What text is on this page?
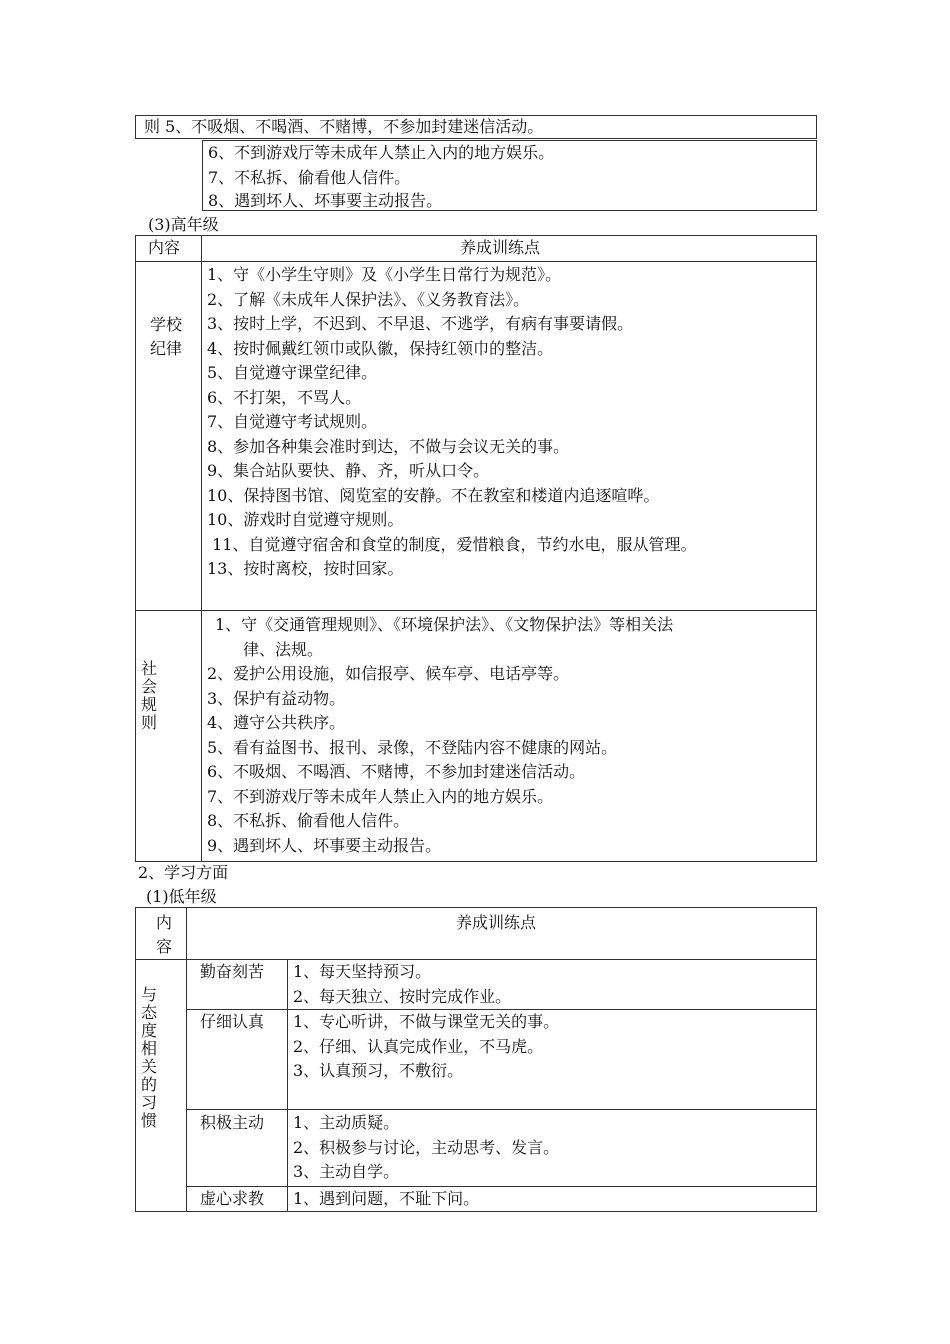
则 5、不吸烟、不喝酒、不赌博，不参加封建迷信活动。
6、不到游戏厅等未成年人禁止入内的地方娱乐。
7、不私拆、偷看他人信件。
8、遇到坏人、坏事要主动报告。
(3)高年级
内容	养成训练点
学校纪律
1、守《小学生守则》及《小学生日常行为规范》。
2、了解《未成年人保护法》、《义务教育法》。
3、按时上学，不迟到、不早退、不逃学，有病有事要请假。
4、按时佩戴红领巾或队徽，保持红领巾的整洁。
5、自觉遵守课堂纪律。
6、不打架，不骂人。
7、自觉遵守考试规则。
8、参加各种集会准时到达，不做与会议无关的事。
9、集合站队要快、静、齐，听从口令。
10、保持图书馆、阅览室的安静。不在教室和楼道内追逐喧哗。
10、游戏时自觉遵守规则。
11、自觉遵守宿舍和食堂的制度，爱惜粮食，节约水电，服从管理。
13、按时离校，按时回家。
社会规则
1、守《交通管理规则》、《环境保护法》、《文物保护法》等相关法
律、法规。
2、爱护公用设施，如信报亭、候车亭、电话亭等。
3、保护有益动物。
4、遵守公共秩序。
5、看有益图书、报刊、录像，不登陆内容不健康的网站。
6、不吸烟、不喝酒、不赌博，不参加封建迷信活动。
7、不到游戏厅等未成年人禁止入内的地方娱乐。
8、不私拆、偷看他人信件。
9、遇到坏人、坏事要主动报告。
2、学习方面
(1)低年级
内
容
养成训练点
与态度相关的习惯
勤奋刻苦 1、每天坚持预习。
2、每天独立、按时完成作业。
仔细认真 1、专心听讲，不做与课堂无关的事。
2、仔细、认真完成作业，不马虎。
3、认真预习，不敷衍。
积极主动 1、主动质疑。
2、积极参与讨论，主动思考、发言。
3、主动自学。
虚心求教 1、遇到问题，不耻下问。
